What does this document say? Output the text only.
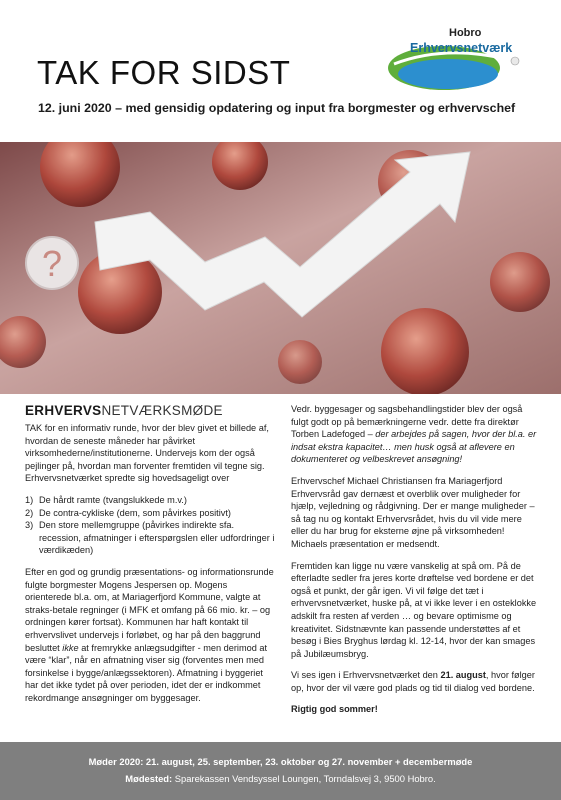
TAK FOR SIDST
12. juni 2020 – med gensidig opdatering og input fra borgmester og erhvervschef
Hobro
Erhvervsnetværk
?
ERHVERVSNETVÆRKSMØDE
TAK for en informativ runde, hvor der blev givet et billede af, hvordan de seneste måneder har påvirket virksomhederne/institutionerne. Undervejs kom der også pejlinger på, hvordan man forventer fremtiden vil tegne sig. Erhvervsnetværket spredte sig hovedsageligt over
1) De hårdt ramte (tvangslukkede m.v.)
2) De contra-cykliske (dem, som påvirkes positivt)
3) Den store mellemgruppe (påvirkes indirekte sfa. recession, afmatninger i efterspørgslen eller udfordringer i værdikæden)
Efter en god og grundig præsentations- og informationsrunde fulgte borgmester Mogens Jespersen op. Mogens orienterede bl.a. om, at Mariagerfjord Kommune, valgte at straks-betale regninger (i MFK et omfang på 66 mio. kr. – og ordningen kører fortsat). Kommunen har haft kontakt til erhvervslivet undervejs i forløbet, og har på den baggrund besluttet ikke at fremrykke anlægsudgifter - men derimod at være “klar”, når en afmatning viser sig (forventes men med forsinkelse i bygge/anlægssektoren). Afmatning i byggeriet har det ikke tydet på over perioden, idet der er indkommet rekordmange ansøgninger om byggesager.
Vedr. byggesager og sagsbehandlingstider blev der også fulgt godt op på bemærkningerne vedr. dette fra direktør Torben Ladefoged – der arbejdes på sagen, hvor der bl.a. er indsat ekstra kapacitet… men husk også at aflevere en dokumenteret og velbeskrevet ansøgning!
Erhvervschef Michael Christiansen fra Mariagerfjord Erhvervsråd gav dernæst et overblik over muligheder for hjælp, vejledning og rådgivning. Der er mange muligheder – så tag nu og kontakt Erhvervsrådet, hvis du vil vide mere eller du har brug for eksterne øjne på virksomheden! Michaels præsentation er medsendt.
Fremtiden kan ligge nu være vanskelig at spå om. På de efterladte sedler fra jeres korte drøftelse ved bordene er det også et punkt, der går igen. Vi vil følge det tæt i erhvervsnetværket, huske på, at vi ikke lever i en osteklokke adskilt fra resten af verden … og bevare optimisme og kreativitet. Sidstnævnte kan passende understøttes af et besøg i Bies Bryghus lørdag kl. 12-14, hvor der kan smages på Jubilæumsbryg.
Vi ses igen i Erhvervsnetværket den 21. august, hvor følger op, hvor der vil være god plads og tid til dialog ved bordene.
Rigtig god sommer!
Møder 2020: 21. august, 25. september, 23. oktober og 27. november + decembermøde
Mødested: Sparekassen Vendsyssel Loungen, Torndalsvej 3, 9500 Hobro.
